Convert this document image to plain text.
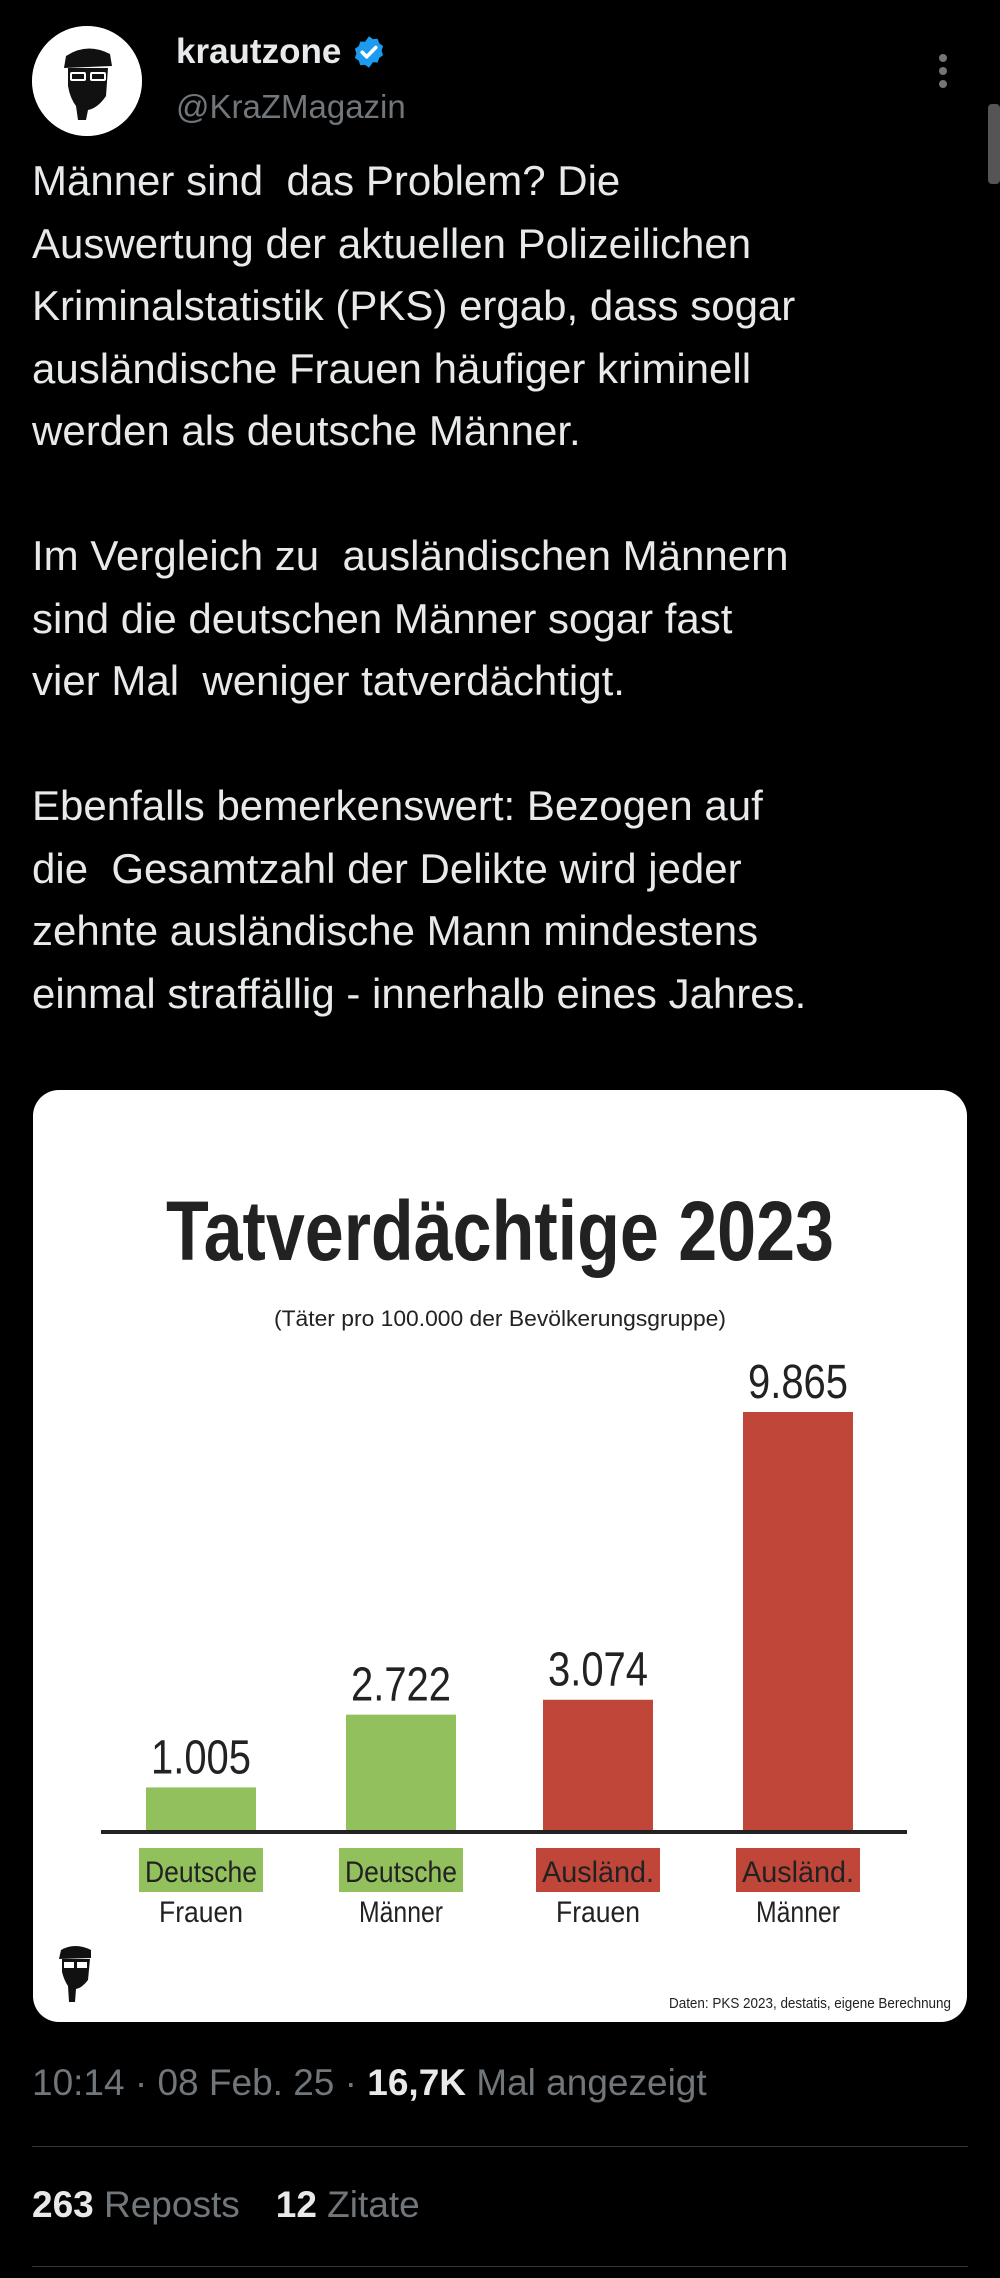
krautzone
@KraZMagazin

Männer sind  das Problem? Die
Auswertung der aktuellen Polizeilichen
Kriminalstatistik (PKS) ergab, dass sogar
ausländische Frauen häufiger kriminell
werden als deutsche Männer.

Im Vergleich zu  ausländischen Männern
sind die deutschen Männer sogar fast
vier Mal  weniger tatverdächtigt.

Ebenfalls bemerkenswert: Bezogen auf
die  Gesamtzahl der Delikte wird jeder
zehnte ausländische Mann mindestens
einmal straffällig - innerhalb eines Jahres.

Tatverdächtige 2023
(Täter pro 100.000 der Bevölkerungsgruppe)
1.005
2.722 3.074
9.865
Deutsche
Frauen
Deutsche
Männer
Ausländ.
Frauen
Ausländ.
Männer
Daten: PKS 2023, destatis, eigene Berechnung
10:14 · 08 Feb. 25 · 16,7K Mal angezeigt
263 Reposts 12 Zitate
